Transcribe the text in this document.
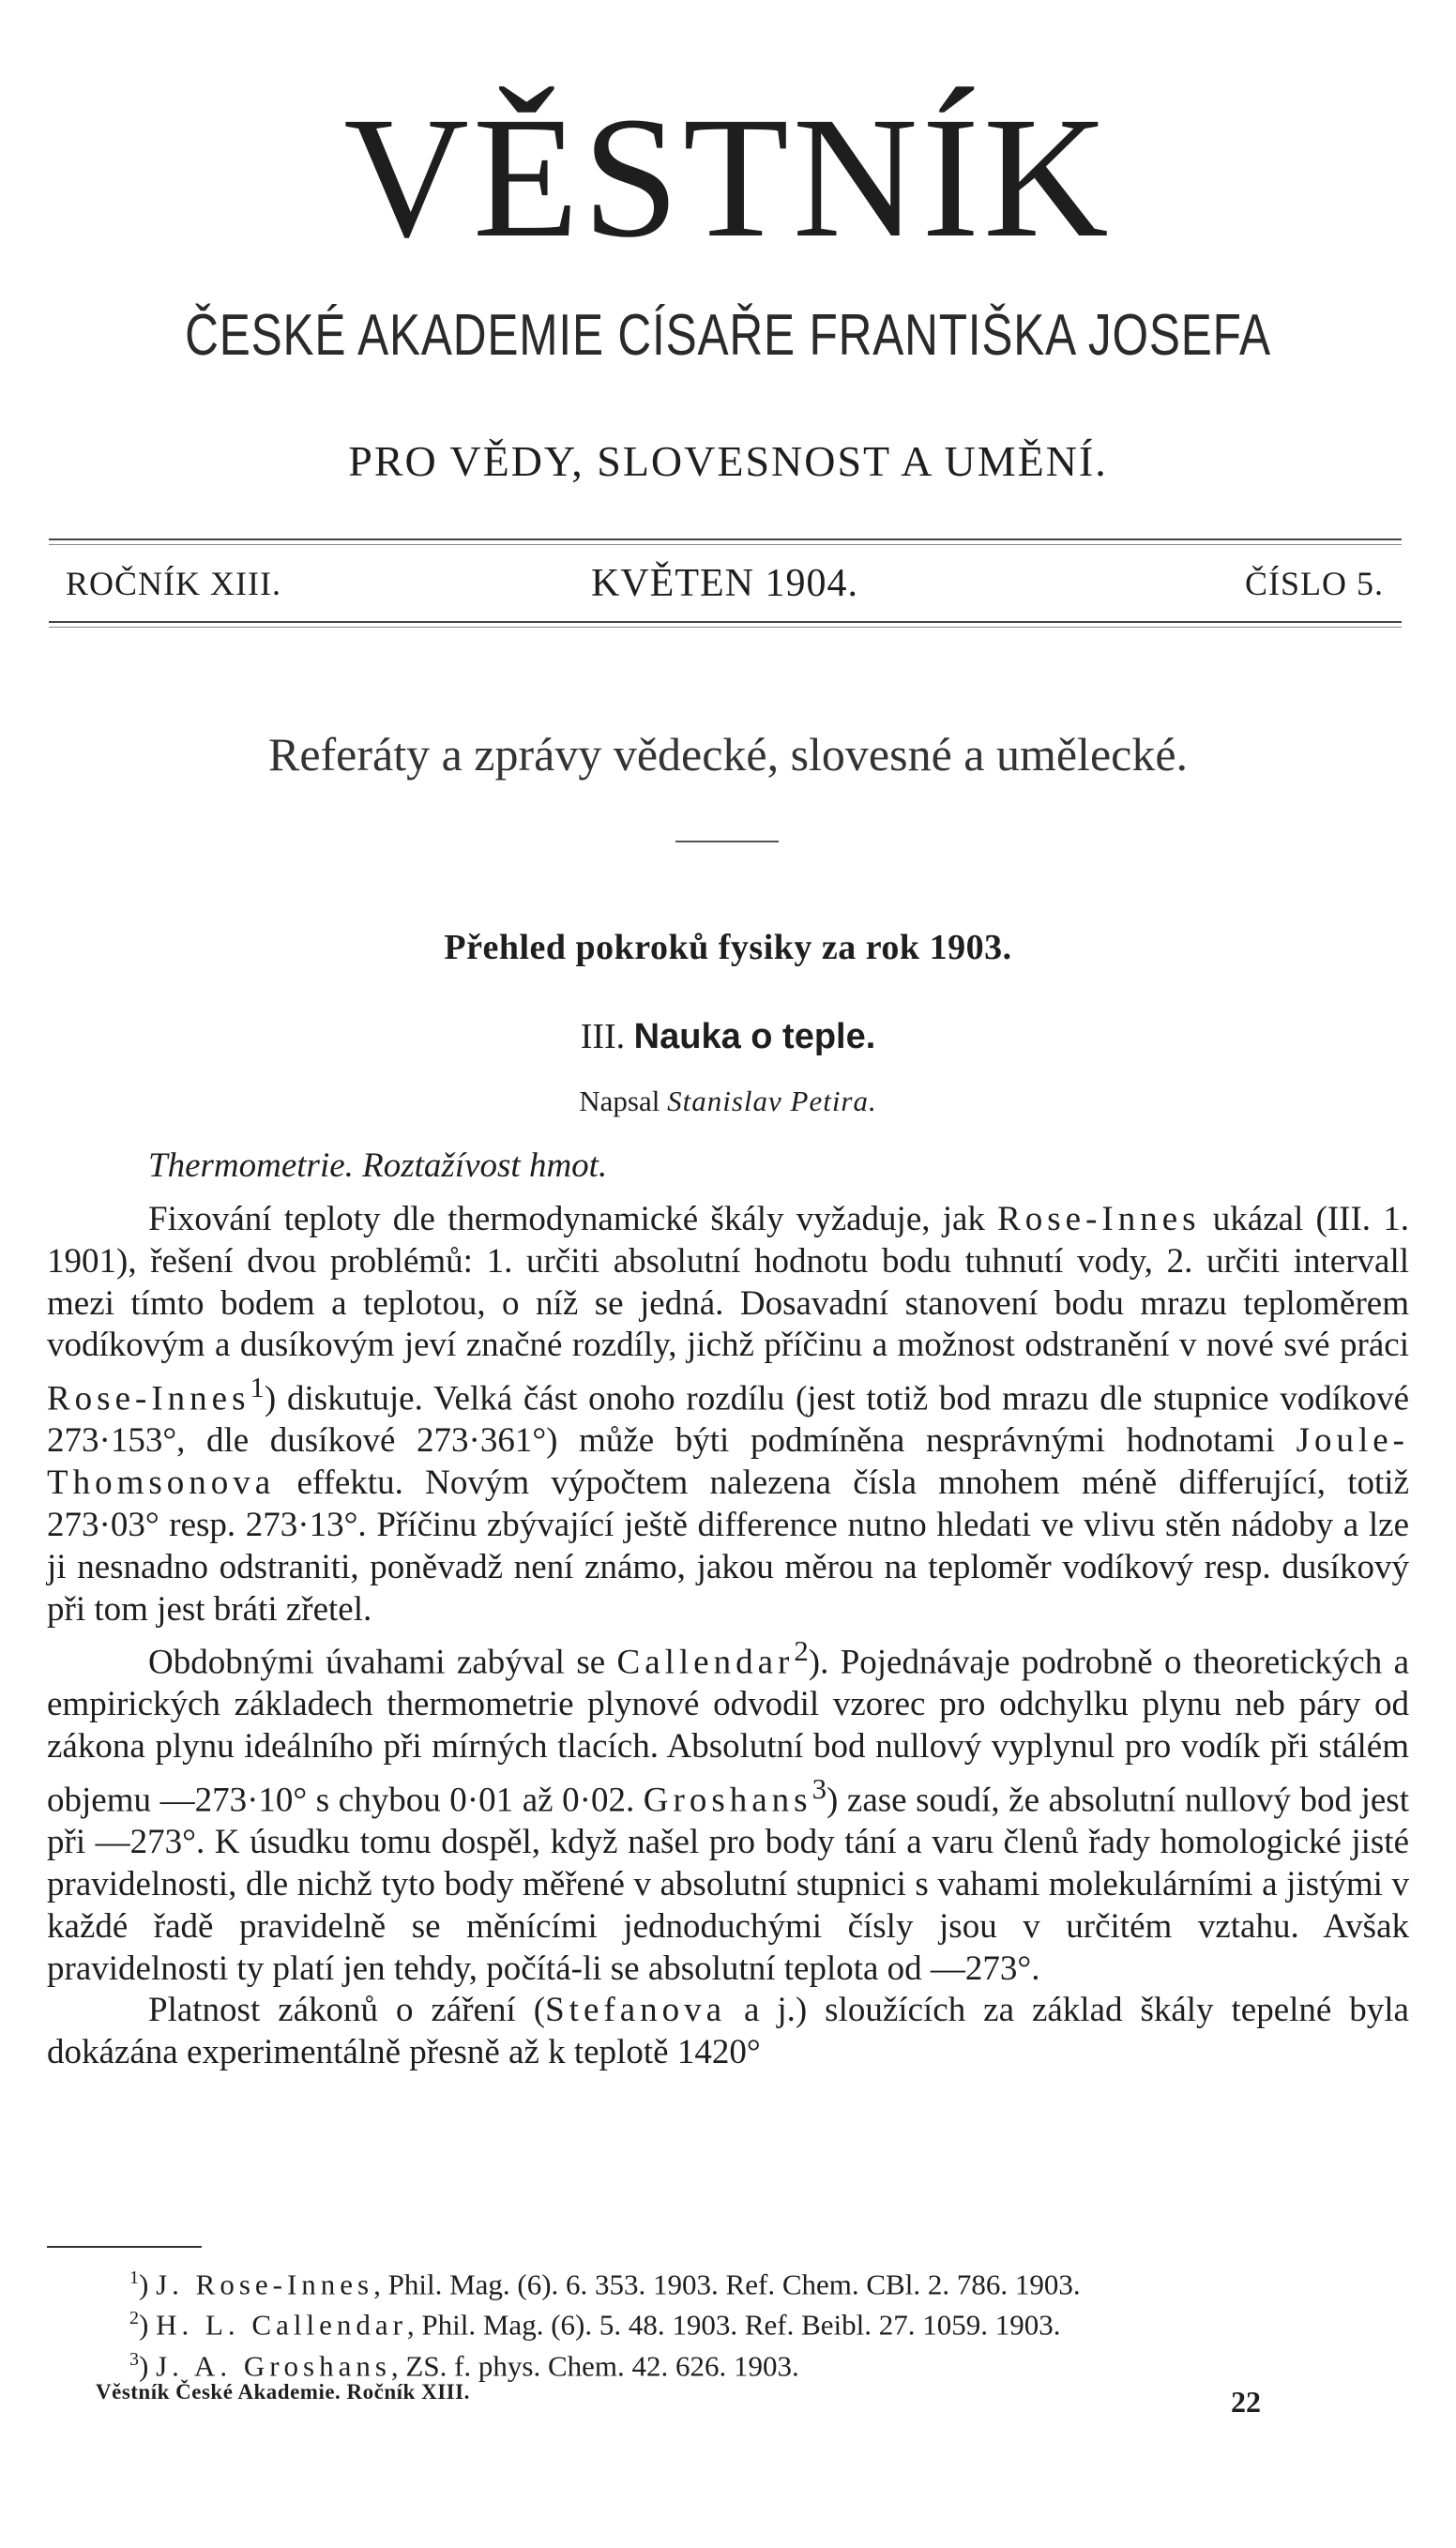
VĚSTNÍK
ČESKÉ AKADEMIE CÍSAŘE FRANTIŠKA JOSEFA
PRO VĚDY, SLOVESNOST A UMĚNÍ.
ROČNÍK XIII.	KVĚTEN 1904.	ČÍSLO 5.
Referáty a zprávy vědecké, slovesné a umělecké.
Přehled pokroků fysiky za rok 1903.
III. Nauka o teple.
Napsal Stanislav Petira.
Thermometrie. Roztažívost hmot.

Fixování teploty dle thermodynamické škály vyžaduje, jak Rose-Innes ukázal (III. 1. 1901), řešení dvou problémů: 1. určiti absolutní hodnotu bodu tuhnutí vody, 2. určiti intervall mezi tímto bodem a teplotou, o níž se jedná. Dosavadní stanovení bodu mrazu teploměrem vodíkovým a dusíkovým jeví značné rozdíly, jichž příčinu a možnost odstranění v nové své práci Rose-Innes$^1$) diskutuje. Velká část onoho rozdílu (jest totiž bod mrazu dle stupnice vodíkové 273·153°, dle dusíkové 273·361°) může býti podmíněna nesprávnými hodnotami Joule-Thomsonova effektu. Novým výpočtem nalezena čísla mnohem méně differující, totiž 273·03° resp. 273·13°. Příčinu zbývající ještě difference nutno hledati ve vlivu stěn nádoby a lze ji nesnadno odstraniti, poněvadž není známo, jakou měrou na teploměr vodíkový resp. dusíkový při tom jest bráti zřetel.

Obdobnými úvahami zabýval se Callendar$^2$). Pojednávaje podrobně o theoretických a empirických základech thermometrie plynové odvodil vzorec pro odchylku plynu neb páry od zákona plynu ideálního při mírných tlacích. Absolutní bod nullový vyplynul pro vodík při stálém objemu —273·10° s chybou 0·01 až 0·02. Groshans$^3$) zase soudí, že absolutní nullový bod jest při —273°. K úsudku tomu dospěl, když našel pro body tání a varu členů řady homologické jisté pravidelnosti, dle nichž tyto body měřené v absolutní stupnici s vahami molekulárními a jistými v každé řadě pravidelně se měnícími jednoduchými čísly jsou v určitém vztahu. Avšak pravidelnosti ty platí jen tehdy, počítá-li se absolutní teplota od —273°.

Platnost zákonů o záření (Stefanova a j.) sloužících za základ škály tepelné byla dokázána experimentálně přesně až k teplotě 1420°

$^1$) J. Rose-Innes, Phil. Mag. (6). 6. 353. 1903. Ref. Chem. CBl. 2. 786. 1903.
$^2$) H. L. Callendar, Phil. Mag. (6). 5. 48. 1903. Ref. Beibl. 27. 1059. 1903.
$^3$) J. A. Groshans, ZS. f. phys. Chem. 42. 626. 1903.
Věstník České Akademie. Ročník XIII.	22
